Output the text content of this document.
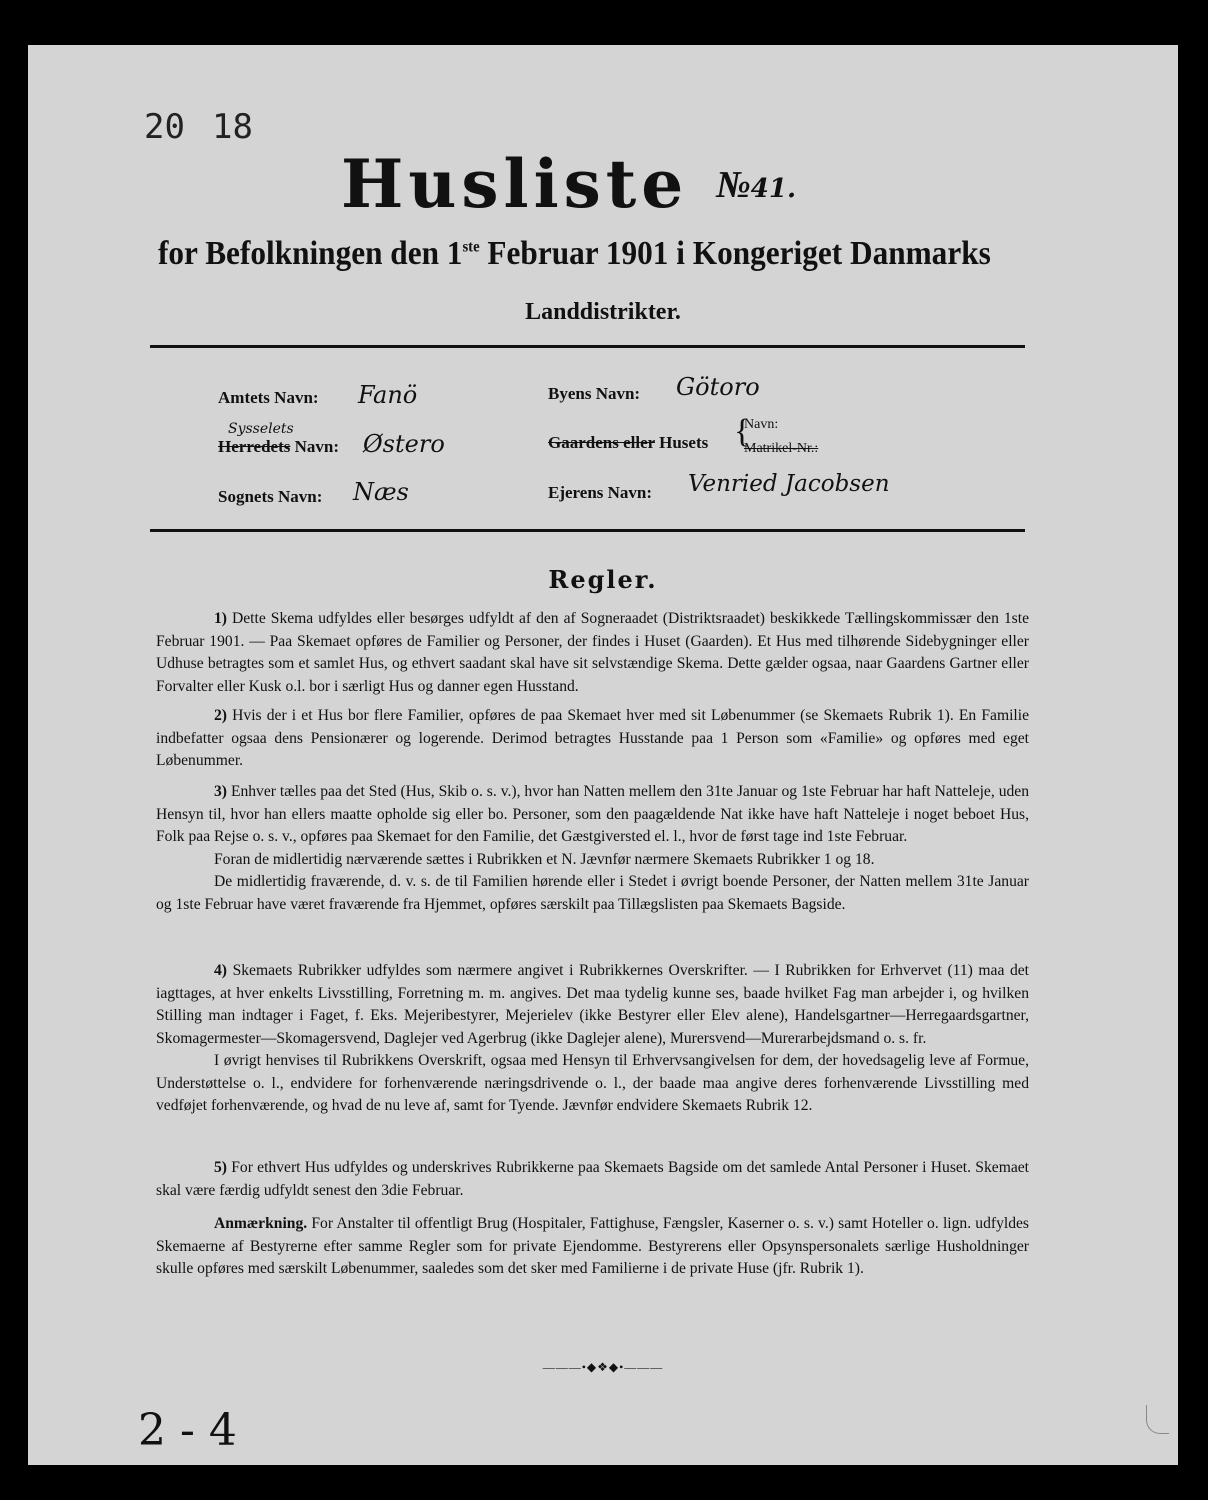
20 18
Husliste №41.
for Befolkningen den 1ste Februar 1901 i Kongeriget Danmarks
Landdistrikter.
Amtets Navn: Fanö
Sysselets
Herredets Navn: Østero
Sognets Navn: Næs
Byens Navn: Götoro
Gaardens eller Husets {
Navn:
Matrikel-Nr.:
Ejerens Navn: Venried Jacobsen
Regler.

1) Dette Skema udfyldes eller besørges udfyldt af den af Sogneraadet (Distriktsraadet) beskikkede Tællingskommissær den 1ste Februar 1901. — Paa Skemaet opføres de Familier og Personer, der findes i Huset (Gaarden). Et Hus med tilhørende Sidebygninger eller Udhuse betragtes som et samlet Hus, og ethvert saadant skal have sit selvstændige Skema. Dette gælder ogsaa, naar Gaardens Gartner eller Forvalter eller Kusk o.l. bor i særligt Hus og danner egen Husstand.

2) Hvis der i et Hus bor flere Familier, opføres de paa Skemaet hver med sit Løbenummer (se Skemaets Rubrik 1). En Familie indbefatter ogsaa dens Pensionærer og logerende. Derimod betragtes Husstande paa 1 Person som «Familie» og opføres med eget Løbenummer.

3) Enhver tælles paa det Sted (Hus, Skib o. s. v.), hvor han Natten mellem den 31te Januar og 1ste Februar har haft Natteleje, uden Hensyn til, hvor han ellers maatte opholde sig eller bo. Personer, som den paagældende Nat ikke have haft Natteleje i noget beboet Hus, Folk paa Rejse o. s. v., opføres paa Skemaet for den Familie, det Gæstgiversted el. l., hvor de først tage ind 1ste Februar.

Foran de midlertidig nærværende sættes i Rubrikken et N. Jævnfør nærmere Skemaets Rubrikker 1 og 18.

De midlertidig fraværende, d. v. s. de til Familien hørende eller i Stedet i øvrigt boende Personer, der Natten mellem 31te Januar og 1ste Februar have været fraværende fra Hjemmet, opføres særskilt paa Tillægslisten paa Skemaets Bagside.

4) Skemaets Rubrikker udfyldes som nærmere angivet i Rubrikkernes Overskrifter. — I Rubrikken for Erhvervet (11) maa det iagttages, at hver enkelts Livsstilling, Forretning m. m. angives. Det maa tydelig kunne ses, baade hvilket Fag man arbejder i, og hvilken Stilling man indtager i Faget, f. Eks. Mejeribestyrer, Mejerielev (ikke Bestyrer eller Elev alene), Handelsgartner—Herregaardsgartner, Skomagermester—Skomagersvend, Daglejer ved Agerbrug (ikke Daglejer alene), Murersvend—Murerarbejdsmand o. s. fr.

I øvrigt henvises til Rubrikkens Overskrift, ogsaa med Hensyn til Erhvervsangivelsen for dem, der hovedsagelig leve af Formue, Understøttelse o. l., endvidere for forhenværende næringsdrivende o. l., der baade maa angive deres forhenværende Livsstilling med vedføjet forhenværende, og hvad de nu leve af, samt for Tyende. Jævnfør endvidere Skemaets Rubrik 12.

5) For ethvert Hus udfyldes og underskrives Rubrikkerne paa Skemaets Bagside om det samlede Antal Personer i Huset. Skemaet skal være færdig udfyldt senest den 3die Februar.

Anmærkning. For Anstalter til offentligt Brug (Hospitaler, Fattighuse, Fængsler, Kaserner o. s. v.) samt Hoteller o. lign. udfyldes Skemaerne af Bestyrerne efter samme Regler som for private Ejendomme. Bestyrerens eller Opsynspersonalets særlige Husholdninger skulle opføres med særskilt Løbenummer, saaledes som det sker med Familierne i de private Huse (jfr. Rubrik 1).

———•◆❖◆•———
2 - 4
